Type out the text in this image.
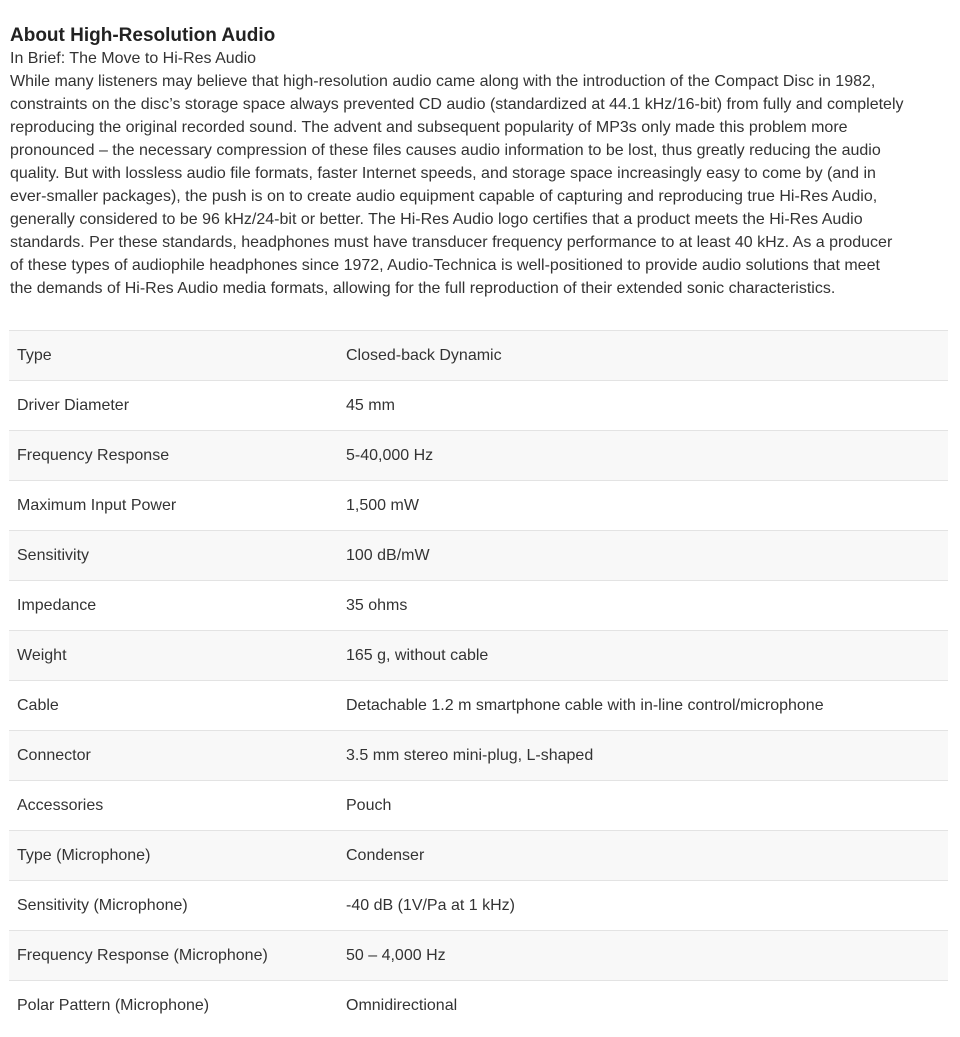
About High-Resolution Audio

In Brief: The Move to Hi-Res Audio

While many listeners may believe that high-resolution audio came along with the introduction of the Compact Disc in 1982,
constraints on the disc’s storage space always prevented CD audio (standardized at 44.1 kHz/16-bit) from fully and completely
reproducing the original recorded sound. The advent and subsequent popularity of MP3s only made this problem more
pronounced – the necessary compression of these files causes audio information to be lost, thus greatly reducing the audio
quality. But with lossless audio file formats, faster Internet speeds, and storage space increasingly easy to come by (and in
ever-smaller packages), the push is on to create audio equipment capable of capturing and reproducing true Hi-Res Audio,
generally considered to be 96 kHz/24-bit or better. The Hi-Res Audio logo certifies that a product meets the Hi-Res Audio
standards. Per these standards, headphones must have transducer frequency performance to at least 40 kHz. As a producer
of these types of audiophile headphones since 1972, Audio-Technica is well-positioned to provide audio solutions that meet
the demands of Hi-Res Audio media formats, allowing for the full reproduction of their extended sonic characteristics.
Type	Closed-back Dynamic
Driver Diameter	45 mm
Frequency Response	5-40,000 Hz
Maximum Input Power	1,500 mW
Sensitivity	100 dB/mW
Impedance	35 ohms
Weight	165 g, without cable
Cable	Detachable 1.2 m smartphone cable with in-line control/microphone
Connector	3.5 mm stereo mini-plug, L-shaped
Accessories	Pouch
Type (Microphone)	Condenser
Sensitivity (Microphone)	-40 dB (1V/Pa at 1 kHz)
Frequency Response (Microphone)	50 – 4,000 Hz
Polar Pattern (Microphone)	Omnidirectional
